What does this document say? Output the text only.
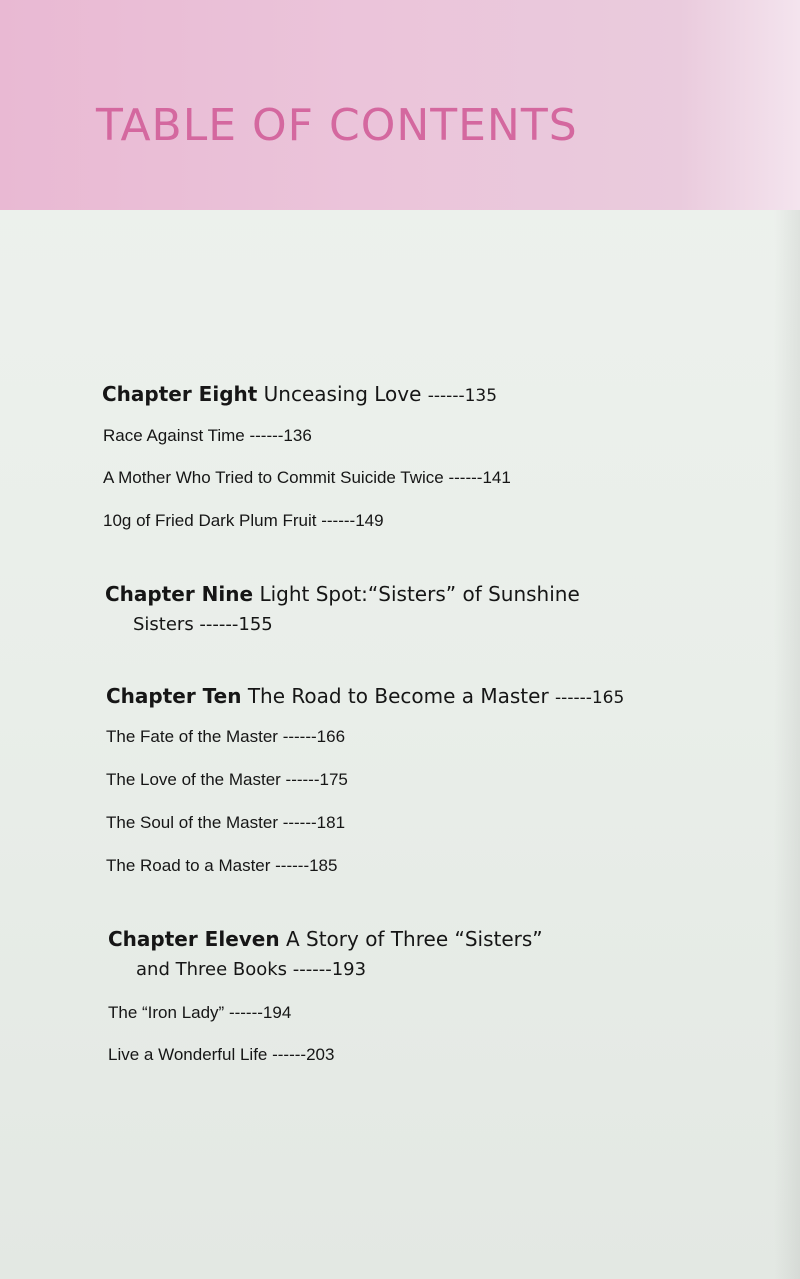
TABLE OF CONTENTS
Chapter Eight Unceasing Love ------135
Race Against Time ------136
A Mother Who Tried to Commit Suicide Twice ------141
10g of Fried Dark Plum Fruit ------149
Chapter Nine Light Spot:“Sisters” of Sunshine
Sisters ------155
Chapter Ten The Road to Become a Master ------165
The Fate of the Master ------166
The Love of the Master ------175
The Soul of the Master ------181
The Road to a Master ------185
Chapter Eleven A Story of Three “Sisters”
and Three Books ------193
The “Iron Lady” ------194
Live a Wonderful Life ------203
